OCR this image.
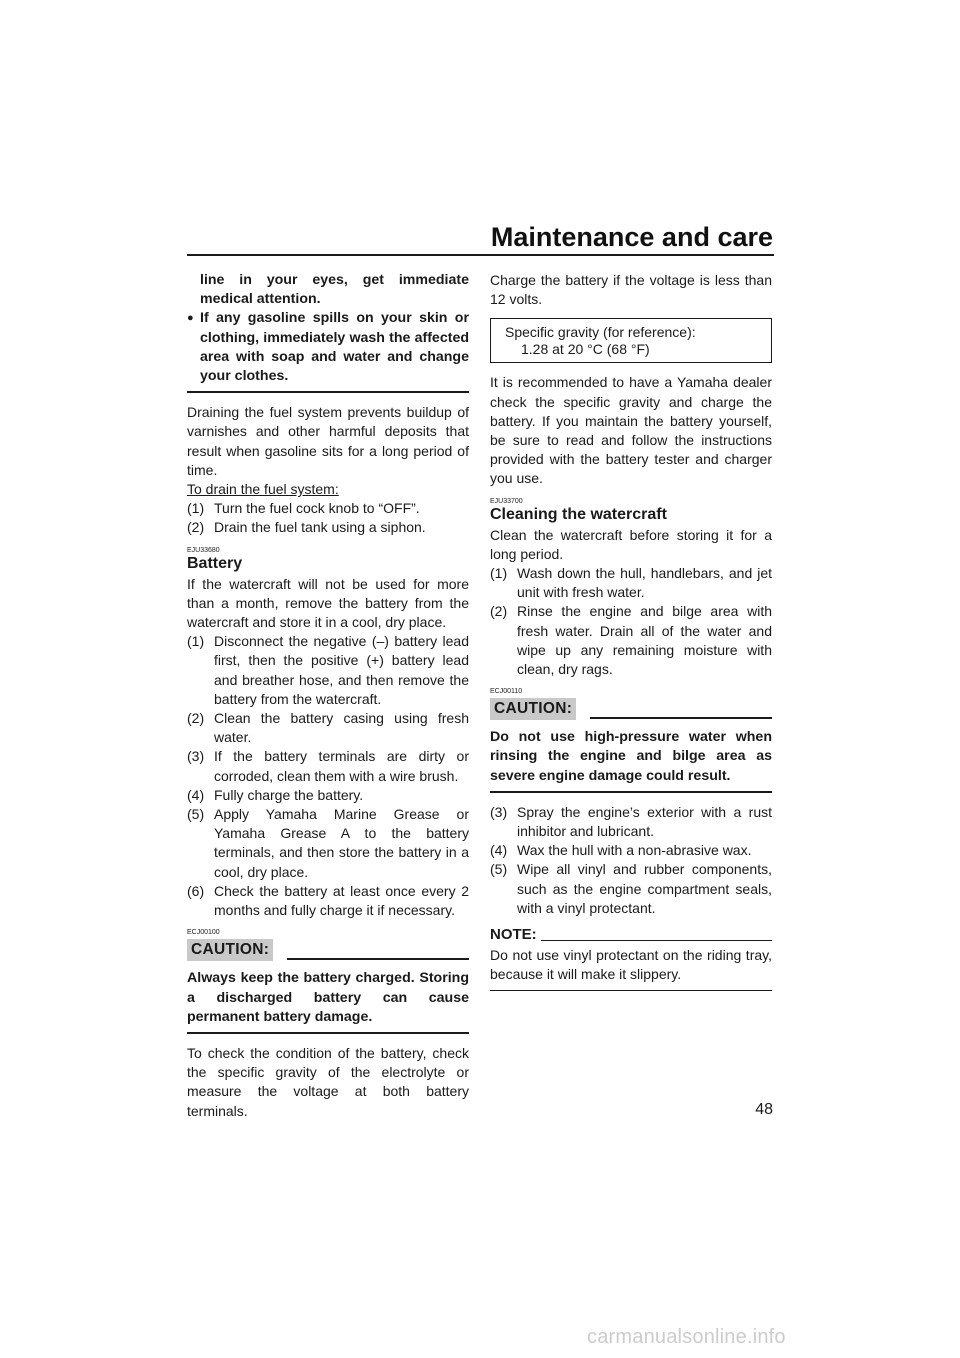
Maintenance and care

line in your eyes, get immediate medical attention.

● If any gasoline spills on your skin or clothing, immediately wash the affected area with soap and water and change your clothes.

Draining the fuel system prevents buildup of varnishes and other harmful deposits that result when gasoline sits for a long period of time.

To drain the fuel system:

(1) Turn the fuel cock knob to “OFF”.
(2) Drain the fuel tank using a siphon.
EJU33680
Battery

If the watercraft will not be used for more than a month, remove the battery from the watercraft and store it in a cool, dry place.

(1) Disconnect the negative (–) battery lead first, then the positive (+) battery lead and breather hose, and then remove the battery from the watercraft.
(2) Clean the battery casing using fresh water.
(3) If the battery terminals are dirty or corroded, clean them with a wire brush.
(4) Fully charge the battery.
(5) Apply Yamaha Marine Grease or Yamaha Grease A to the battery terminals, and then store the battery in a cool, dry place.
(6) Check the battery at least once every 2 months and fully charge it if necessary.
ECJ00100
CAUTION:

Always keep the battery charged. Storing a discharged battery can cause permanent battery damage.

To check the condition of the battery, check the specific gravity of the electrolyte or measure the voltage at both battery terminals.

Charge the battery if the voltage is less than 12 volts.

Specific gravity (for reference):
1.28 at 20 °C (68 °F)

It is recommended to have a Yamaha dealer check the specific gravity and charge the battery. If you maintain the battery yourself, be sure to read and follow the instructions provided with the battery tester and charger you use.

EJU33700
Cleaning the watercraft

Clean the watercraft before storing it for a long period.

(1) Wash down the hull, handlebars, and jet unit with fresh water.
(2) Rinse the engine and bilge area with fresh water. Drain all of the water and wipe up any remaining moisture with clean, dry rags.
ECJ00110
CAUTION:

Do not use high-pressure water when rinsing the engine and bilge area as severe engine damage could result.

(3) Spray the engine’s exterior with a rust inhibitor and lubricant.
(4) Wax the hull with a non-abrasive wax.
(5) Wipe all vinyl and rubber components, such as the engine compartment seals, with a vinyl protectant.
NOTE:

Do not use vinyl protectant on the riding tray, because it will make it slippery.

48
carmanualsonline.info
